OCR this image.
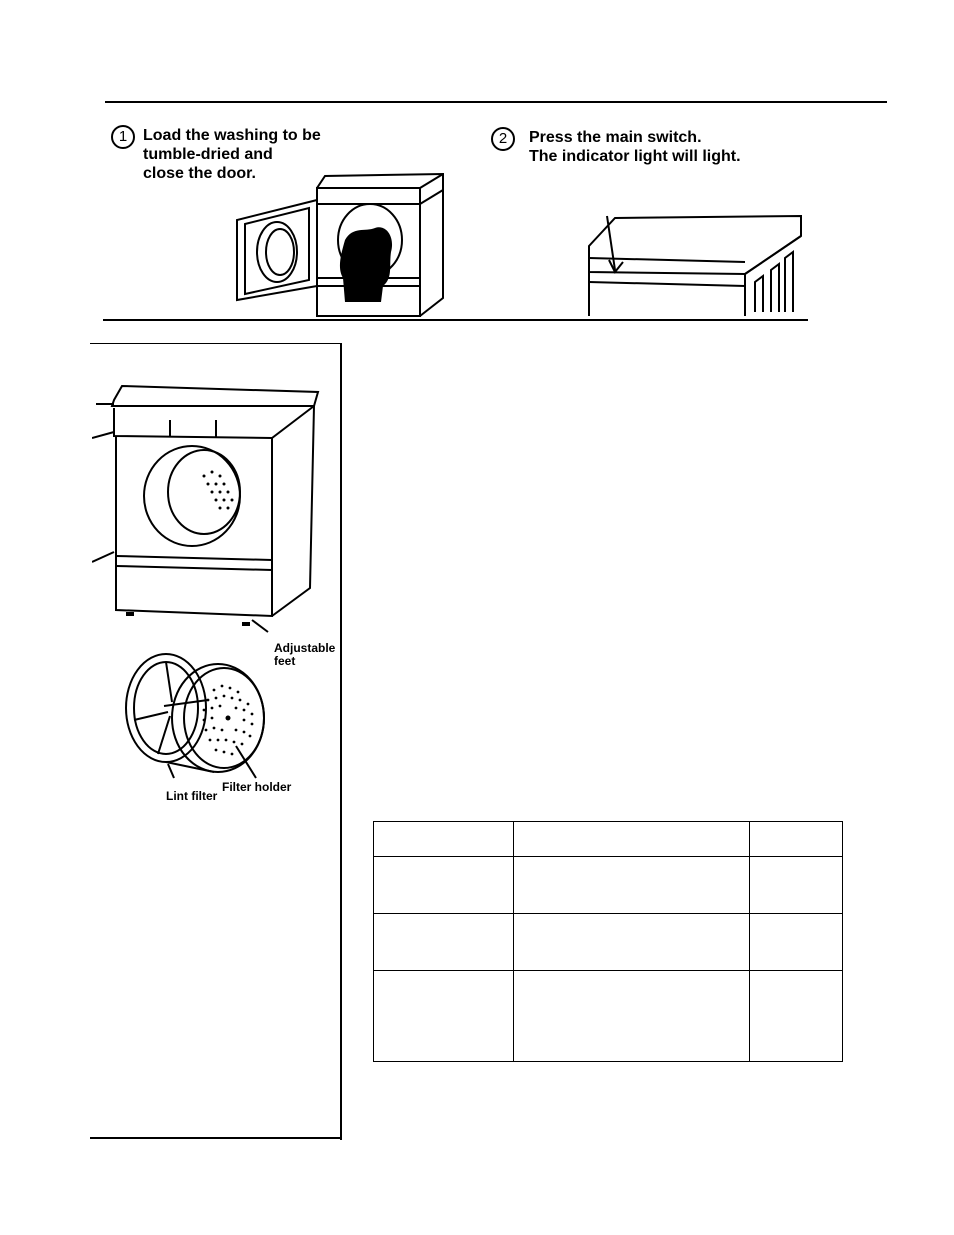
1 Load the washing to be
tumble-dried and
close the door.
2	Press the main switch.
The indicator light will light.
Adjustable
feet
Filter holder
Lint filter
